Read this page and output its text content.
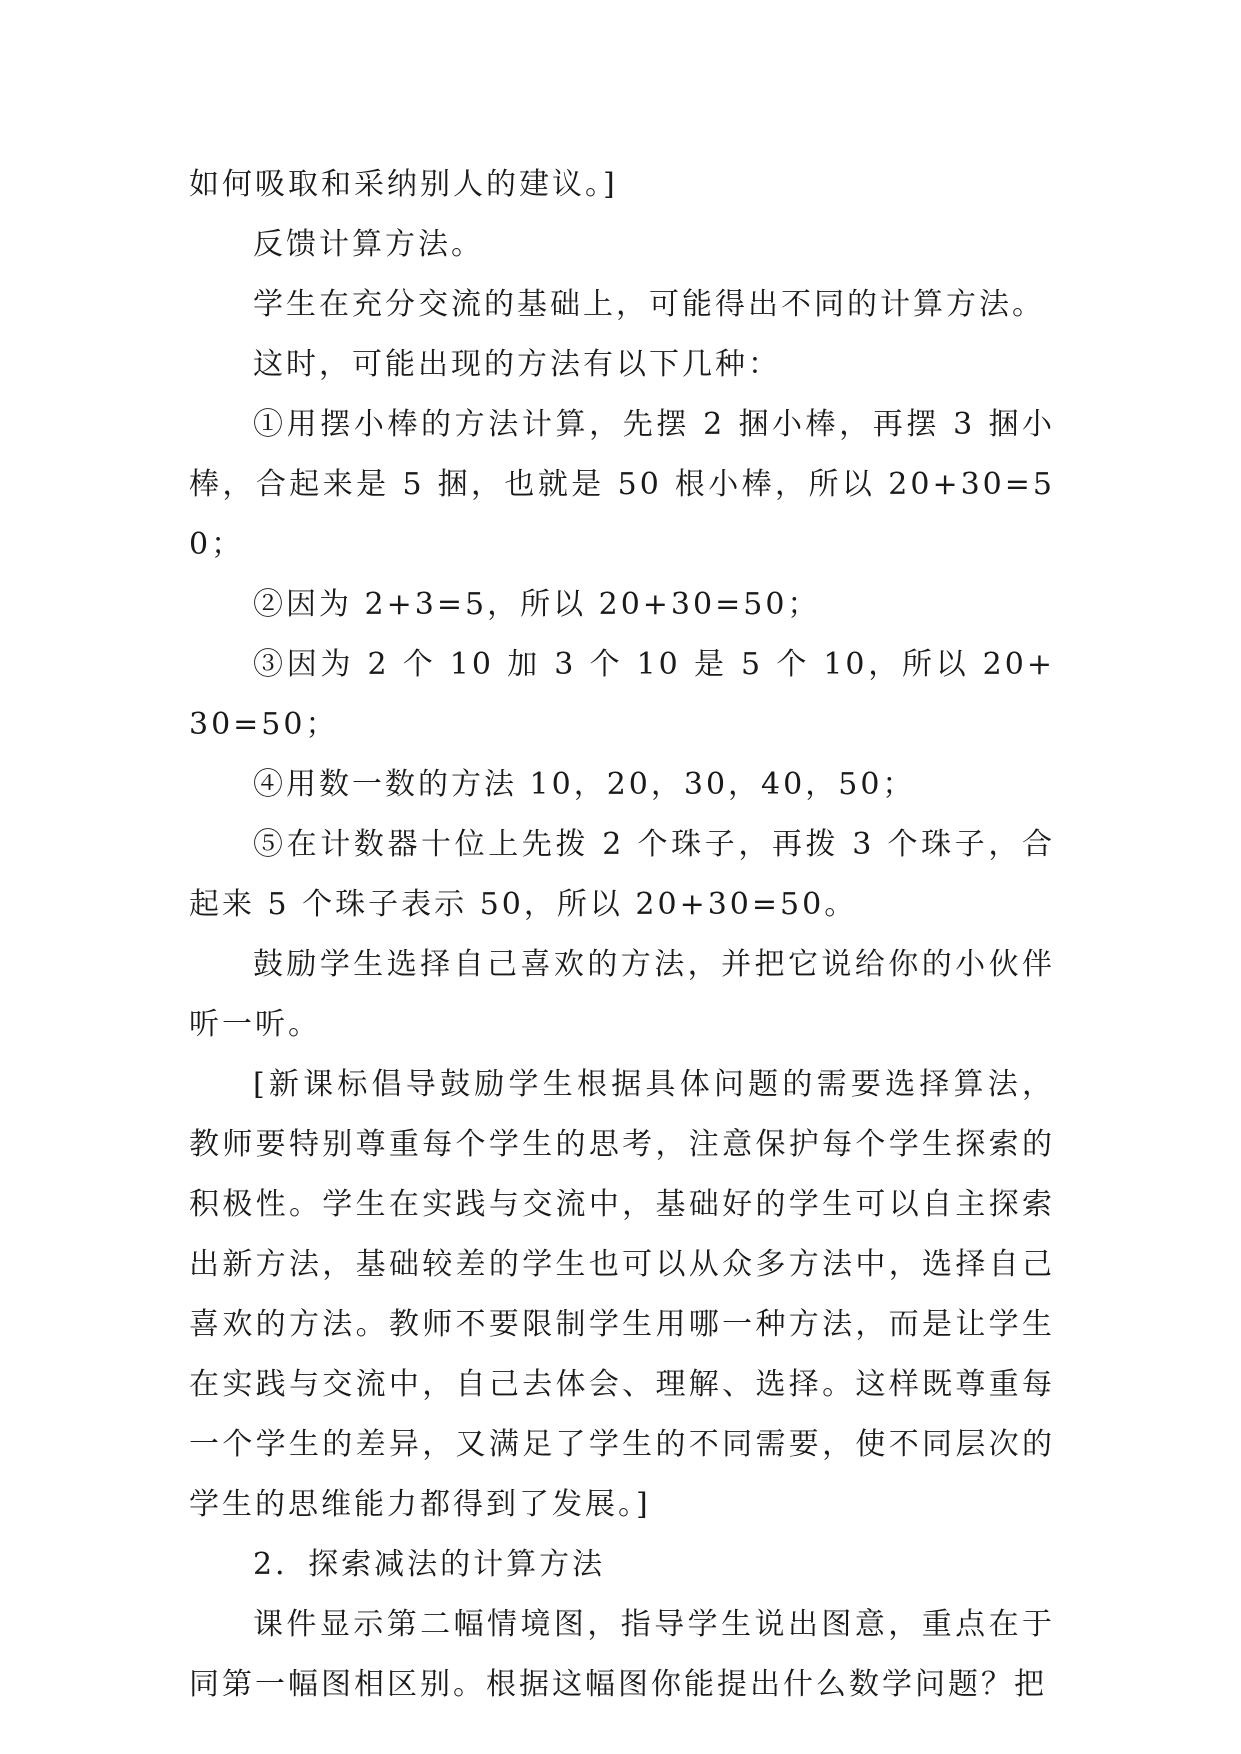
如何吸取和采纳别人的建议。]

反馈计算方法。

学生在充分交流的基础上，可能得出不同的计算方法。

这时，可能出现的方法有以下几种：

①用摆小棒的方法计算，先摆 2 捆小棒，再摆 3 捆小棒，合起来是 5 捆，也就是 50 根小棒，所以 20+30=50；

②因为 2+3=5，所以 20+30=50；

③因为 2 个 10 加 3 个 10 是 5 个 10，所以 20+30=50；

④用数一数的方法 10，20，30，40，50；

⑤在计数器十位上先拨 2 个珠子，再拨 3 个珠子，合起来 5 个珠子表示 50，所以 20+30=50。

鼓励学生选择自己喜欢的方法，并把它说给你的小伙伴听一听。

[新课标倡导鼓励学生根据具体问题的需要选择算法，教师要特别尊重每个学生的思考，注意保护每个学生探索的积极性。学生在实践与交流中，基础好的学生可以自主探索出新方法，基础较差的学生也可以从众多方法中，选择自己喜欢的方法。教师不要限制学生用哪一种方法，而是让学生在实践与交流中，自己去体会、理解、选择。这样既尊重每一个学生的差异，又满足了学生的不同需要，使不同层次的学生的思维能力都得到了发展。]

2．探索减法的计算方法

课件显示第二幅情境图，指导学生说出图意，重点在于同第一幅图相区别。根据这幅图你能提出什么数学问题？把
